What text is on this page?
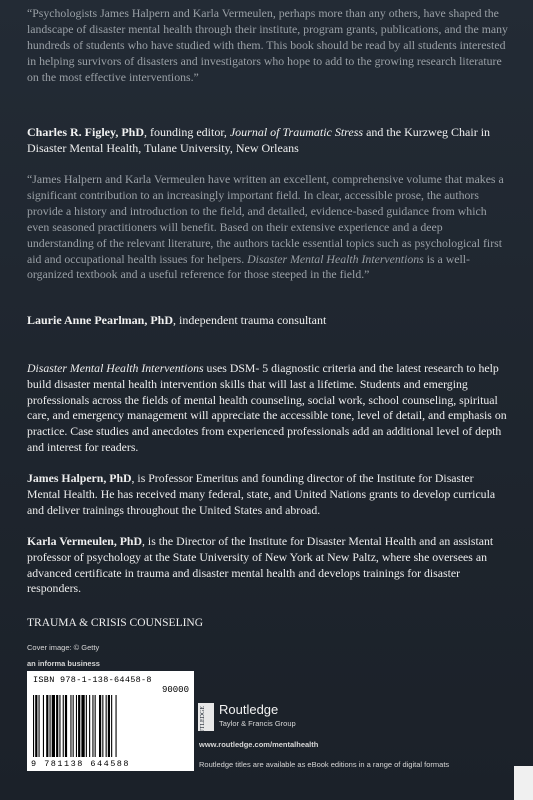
“Psychologists James Halpern and Karla Vermeulen, perhaps more than any others, have shaped the landscape of disaster mental health through their institute, program grants, publications, and the many hundreds of students who have studied with them. This book should be read by all students interested in helping survivors of disasters and investigators who hope to add to the growing research literature on the most effective interventions.”

Charles R. Figley, PhD, founding editor, Journal of Traumatic Stress and the Kurzweg Chair in Disaster Mental Health, Tulane University, New Orleans

“James Halpern and Karla Vermeulen have written an excellent, comprehensive volume that makes a significant contribution to an increasingly important field. In clear, accessible prose, the authors provide a history and introduction to the field, and detailed, evidence-based guidance from which even seasoned practitioners will benefit. Based on their extensive experience and a deep understanding of the relevant literature, the authors tackle essential topics such as psychological first aid and occupational health issues for helpers. Disaster Mental Health Interventions is a well-organized textbook and a useful reference for those steeped in the field.”

Laurie Anne Pearlman, PhD, independent trauma consultant

Disaster Mental Health Interventions uses DSM- 5 diagnostic criteria and the latest research to help build disaster mental health intervention skills that will last a lifetime. Students and emerging professionals across the fields of mental health counseling, social work, school counseling, spiritual care, and emergency management will appreciate the accessible tone, level of detail, and emphasis on practice. Case studies and anecdotes from experienced professionals add an additional level of depth and interest for readers.

James Halpern, PhD, is Professor Emeritus and founding director of the Institute for Disaster Mental Health. He has received many federal, state, and United Nations grants to develop curricula and deliver trainings throughout the United States and abroad.

Karla Vermeulen, PhD, is the Director of the Institute for Disaster Mental Health and an assistant professor of psychology at the State University of New York at New Paltz, where she oversees an advanced certificate in trauma and disaster mental health and develops trainings for disaster responders.

TRAUMA & CRISIS COUNSELING

Cover image: © Getty
an informa business
ISBN 978-1-138-64458-8
90000
9 781138 644588
ROUTLEDGE Routledge
Taylor & Francis Group
www.routledge.com/mentalhealth
Routledge titles are available as eBook editions in a range of digital formats
